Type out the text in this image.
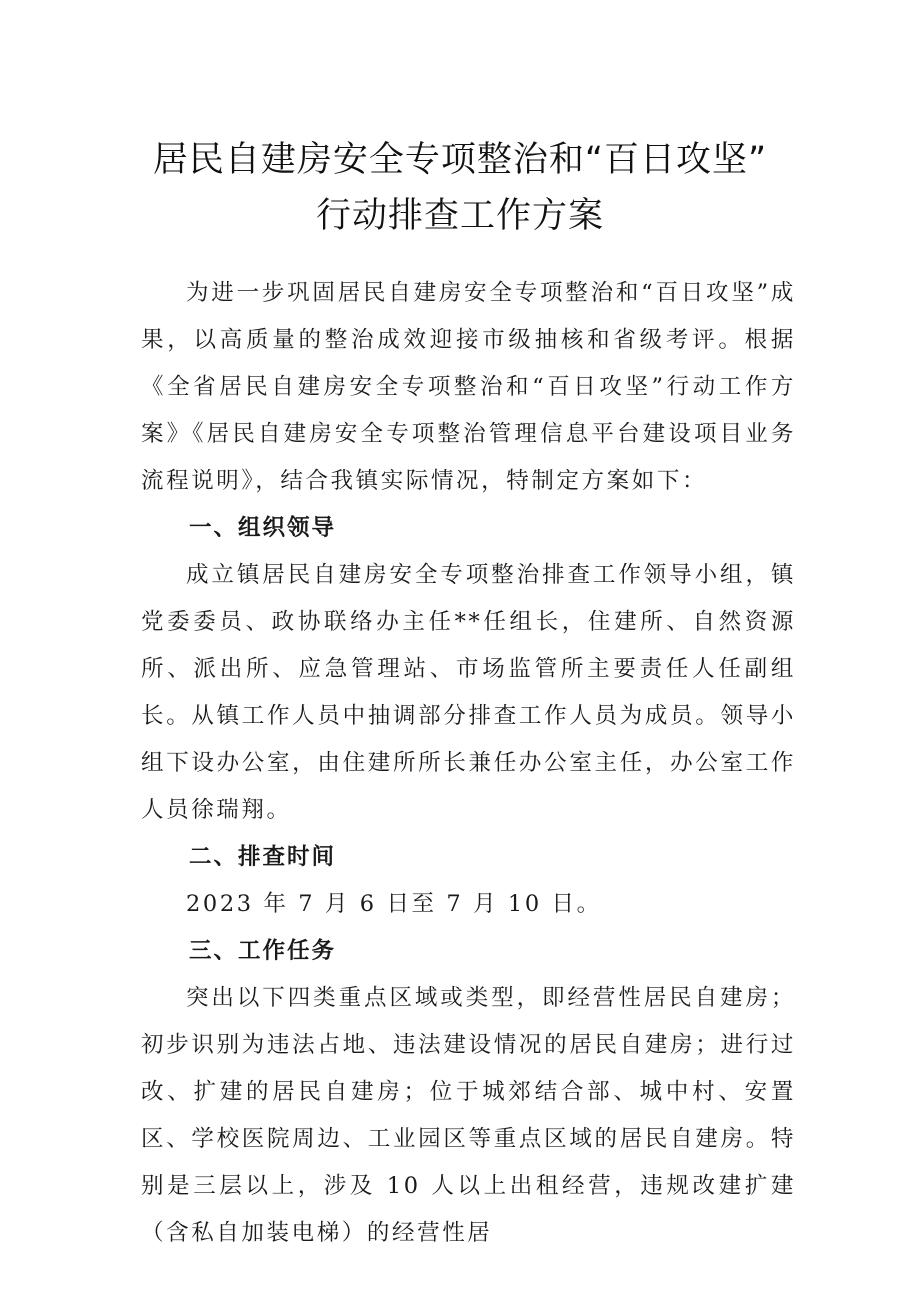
居民自建房安全专项整治和“百日攻坚”
行动排查工作方案

为进一步巩固居民自建房安全专项整治和“百日攻坚”成果，以高质量的整治成效迎接市级抽核和省级考评。根据《全省居民自建房安全专项整治和“百日攻坚”行动工作方案》《居民自建房安全专项整治管理信息平台建设项目业务流程说明》，结合我镇实际情况，特制定方案如下：

一、组织领导

成立镇居民自建房安全专项整治排查工作领导小组，镇党委委员、政协联络办主任**任组长，住建所、自然资源所、派出所、应急管理站、市场监管所主要责任人任副组长。从镇工作人员中抽调部分排查工作人员为成员。领导小组下设办公室，由住建所所长兼任办公室主任，办公室工作人员徐瑞翔。

二、排查时间

2023 年 7 月 6 日至 7 月 10 日。

三、工作任务

突出以下四类重点区域或类型，即经营性居民自建房；初步识别为违法占地、违法建设情况的居民自建房；进行过改、扩建的居民自建房；位于城郊结合部、城中村、安置区、学校医院周边、工业园区等重点区域的居民自建房。特别是三层以上，涉及 10 人以上出租经营，违规改建扩建（含私自加装电梯）的经营性居
